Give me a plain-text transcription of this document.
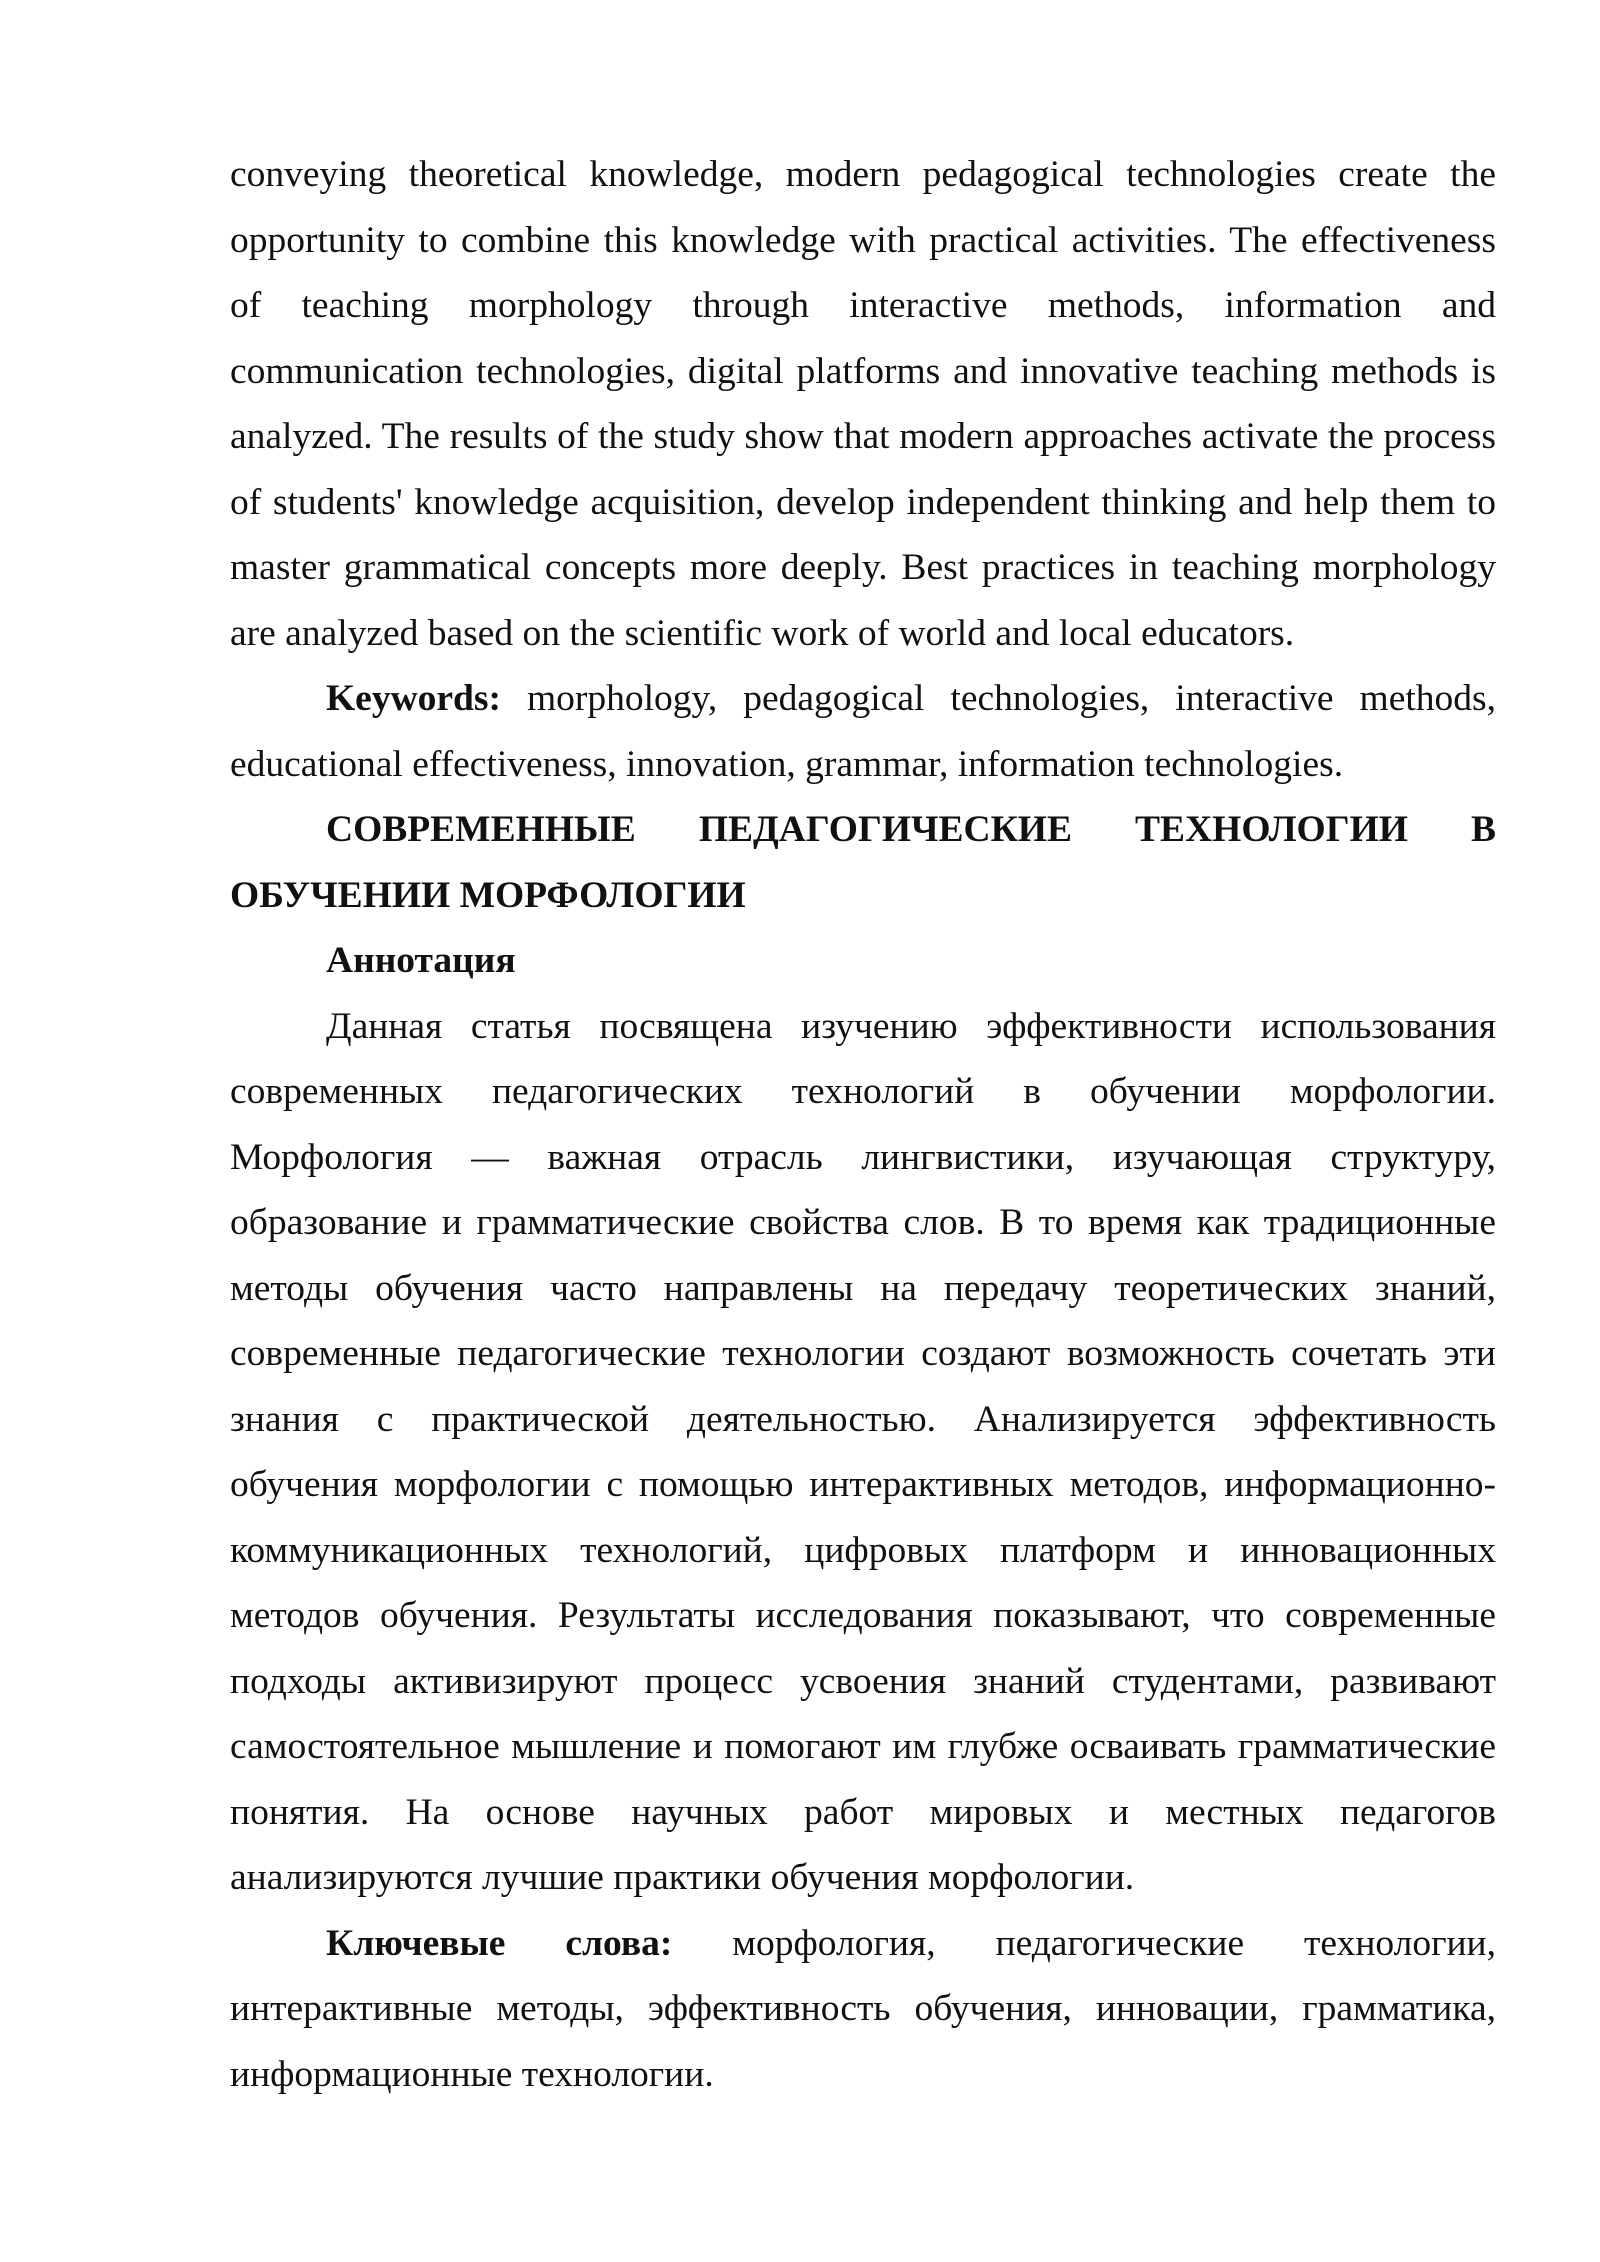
conveying theoretical knowledge, modern pedagogical technologies create the opportunity to combine this knowledge with practical activities. The effectiveness of teaching morphology through interactive methods, information and communication technologies, digital platforms and innovative teaching methods is analyzed. The results of the study show that modern approaches activate the process of students' knowledge acquisition, develop independent thinking and help them to master grammatical concepts more deeply. Best practices in teaching morphology are analyzed based on the scientific work of world and local educators.

Keywords: morphology, pedagogical technologies, interactive methods, educational effectiveness, innovation, grammar, information technologies.

СОВРЕМЕННЫЕ ПЕДАГОГИЧЕСКИЕ ТЕХНОЛОГИИ В ОБУЧЕНИИ МОРФОЛОГИИ

Аннотация

Данная статья посвящена изучению эффективности использования современных педагогических технологий в обучении морфологии. Морфология — важная отрасль лингвистики, изучающая структуру, образование и грамматические свойства слов. В то время как традиционные методы обучения часто направлены на передачу теоретических знаний, современные педагогические технологии создают возможность сочетать эти знания с практической деятельностью. Анализируется эффективность обучения морфологии с помощью интерактивных методов, информационно-коммуникационных технологий, цифровых платформ и инновационных методов обучения. Результаты исследования показывают, что современные подходы активизируют процесс усвоения знаний студентами, развивают самостоятельное мышление и помогают им глубже осваивать грамматические понятия. На основе научных работ мировых и местных педагогов анализируются лучшие практики обучения морфологии.

Ключевые слова: морфология, педагогические технологии, интерактивные методы, эффективность обучения, инновации, грамматика, информационные технологии.
